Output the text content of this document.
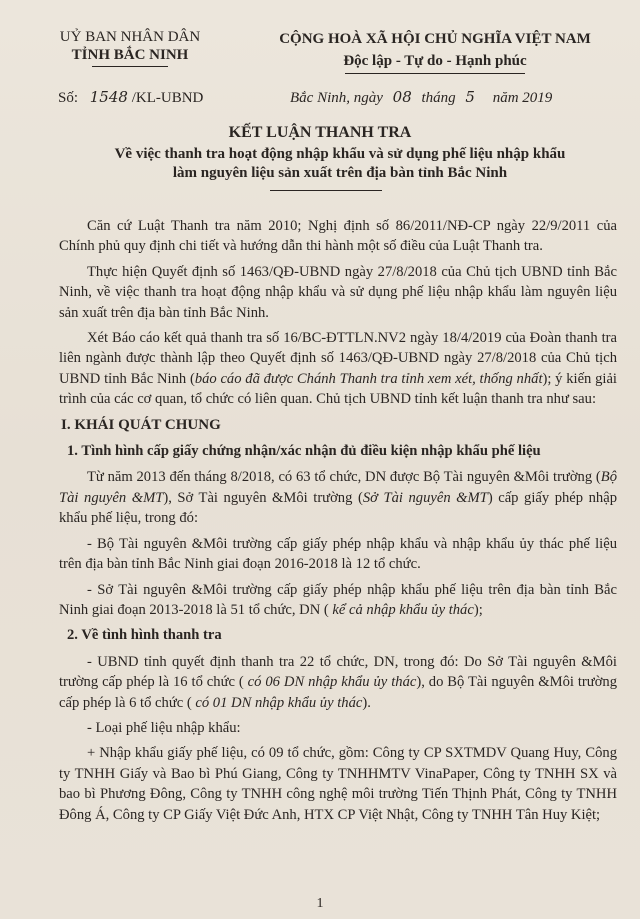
UỶ BAN NHÂN DÂN
TỈNH BẮC NINH
CỘNG HOÀ XÃ HỘI CHỦ NGHĨA VIỆT NAM
Độc lập - Tự do - Hạnh phúc
Số: 1548 /KL-UBND	Bắc Ninh, ngày 08 tháng 5 năm 2019
KẾT LUẬN THANH TRA
Về việc thanh tra hoạt động nhập khẩu và sử dụng phế liệu nhập khẩu
làm nguyên liệu sản xuất trên địa bàn tỉnh Bắc Ninh

Căn cứ Luật Thanh tra năm 2010; Nghị định số 86/2011/NĐ-CP ngày 22/9/2011 của Chính phủ quy định chi tiết và hướng dẫn thi hành một số điều của Luật Thanh tra.

Thực hiện Quyết định số 1463/QĐ-UBND ngày 27/8/2018 của Chủ tịch UBND tỉnh Bắc Ninh, về việc thanh tra hoạt động nhập khẩu và sử dụng phế liệu nhập khẩu làm nguyên liệu sản xuất trên địa bàn tỉnh Bắc Ninh.

Xét Báo cáo kết quả thanh tra số 16/BC-ĐTTLN.NV2 ngày 18/4/2019 của Đoàn thanh tra liên ngành được thành lập theo Quyết định số 1463/QĐ-UBND ngày 27/8/2018 của Chủ tịch UBND tỉnh Bắc Ninh (báo cáo đã được Chánh Thanh tra tỉnh xem xét, thống nhất); ý kiến giải trình của các cơ quan, tổ chức có liên quan. Chủ tịch UBND tỉnh kết luận thanh tra như sau:

I. KHÁI QUÁT CHUNG

1. Tình hình cấp giấy chứng nhận/xác nhận đủ điều kiện nhập khẩu phế liệu

Từ năm 2013 đến tháng 8/2018, có 63 tổ chức, DN được Bộ Tài nguyên &Môi trường (Bộ Tài nguyên &MT), Sở Tài nguyên &Môi trường (Sở Tài nguyên &MT) cấp giấy phép nhập khẩu phế liệu, trong đó:

- Bộ Tài nguyên &Môi trường cấp giấy phép nhập khẩu và nhập khẩu ủy thác phế liệu trên địa bàn tỉnh Bắc Ninh giai đoạn 2016-2018 là 12 tổ chức.

- Sở Tài nguyên &Môi trường cấp giấy phép nhập khẩu phế liệu trên địa bàn tỉnh Bắc Ninh giai đoạn 2013-2018 là 51 tổ chức, DN ( kể cả nhập khẩu ủy thác);

2. Về tình hình thanh tra

- UBND tỉnh quyết định thanh tra 22 tổ chức, DN, trong đó: Do Sở Tài nguyên &Môi trường cấp phép là 16 tổ chức ( có 06 DN nhập khẩu ủy thác), do Bộ Tài nguyên &Môi trường cấp phép là 6 tổ chức ( có 01 DN nhập khẩu ủy thác).

- Loại phế liệu nhập khẩu:

+ Nhập khẩu giấy phế liệu, có 09 tổ chức, gồm: Công ty CP SXTMDV Quang Huy, Công ty TNHH Giấy và Bao bì Phú Giang, Công ty TNHHMTV VinaPaper, Công ty TNHH SX và bao bì Phương Đông, Công ty TNHH công nghệ môi trường Tiến Thịnh Phát, Công ty TNHH Đông Á, Công ty CP Giấy Việt Đức Anh, HTX CP Việt Nhật, Công ty TNHH Tân Huy Kiệt;

1
